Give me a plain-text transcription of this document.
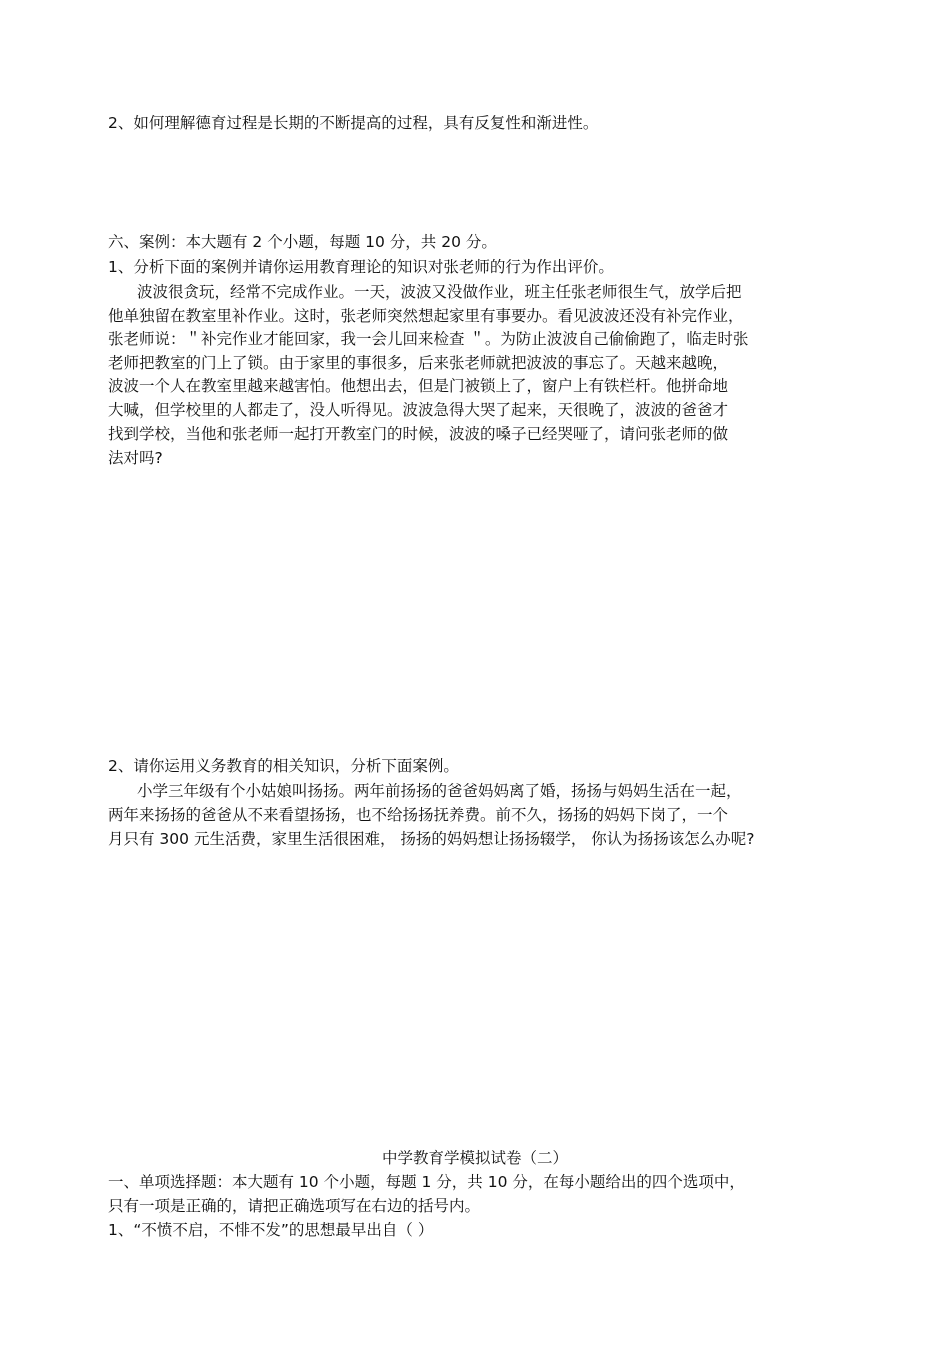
2、如何理解德育过程是长期的不断提高的过程，具有反复性和渐进性。
六、案例：本大题有 2 个小题，每题 10 分，共 20 分。
1、分析下面的案例并请你运用教育理论的知识对张老师的行为作出评价。
波波很贪玩，经常不完成作业。一天，波波又没做作业，班主任张老师很生气，放学后把
他单独留在教室里补作业。这时，张老师突然想起家里有事要办。看见波波还没有补完作业，
张老师说：＂补完作业才能回家，我一会儿回来检查 ＂。为防止波波自己偷偷跑了，临走时张
老师把教室的门上了锁。由于家里的事很多，后来张老师就把波波的事忘了。天越来越晚，
波波一个人在教室里越来越害怕。他想出去，但是门被锁上了，窗户上有铁栏杆。他拼命地
大喊，但学校里的人都走了，没人听得见。波波急得大哭了起来，天很晚了，波波的爸爸才
找到学校，当他和张老师一起打开教室门的时候，波波的嗓子已经哭哑了，请问张老师的做
法对吗?
2、请你运用义务教育的相关知识，分析下面案例。
小学三年级有个小姑娘叫扬扬。两年前扬扬的爸爸妈妈离了婚，扬扬与妈妈生活在一起，
两年来扬扬的爸爸从不来看望扬扬，也不给扬扬抚养费。前不久，扬扬的妈妈下岗了，一个
月只有 300 元生活费，家里生活很困难， 扬扬的妈妈想让扬扬辍学， 你认为扬扬该怎么办呢?
中学教育学模拟试卷（二）
一、单项选择题：本大题有 10 个小题，每题 1 分，共 10 分，在每小题给出的四个选项中，
只有一项是正确的，请把正确选项写在右边的括号内。
1、“不愤不启，不悱不发”的思想最早出自（ ）
